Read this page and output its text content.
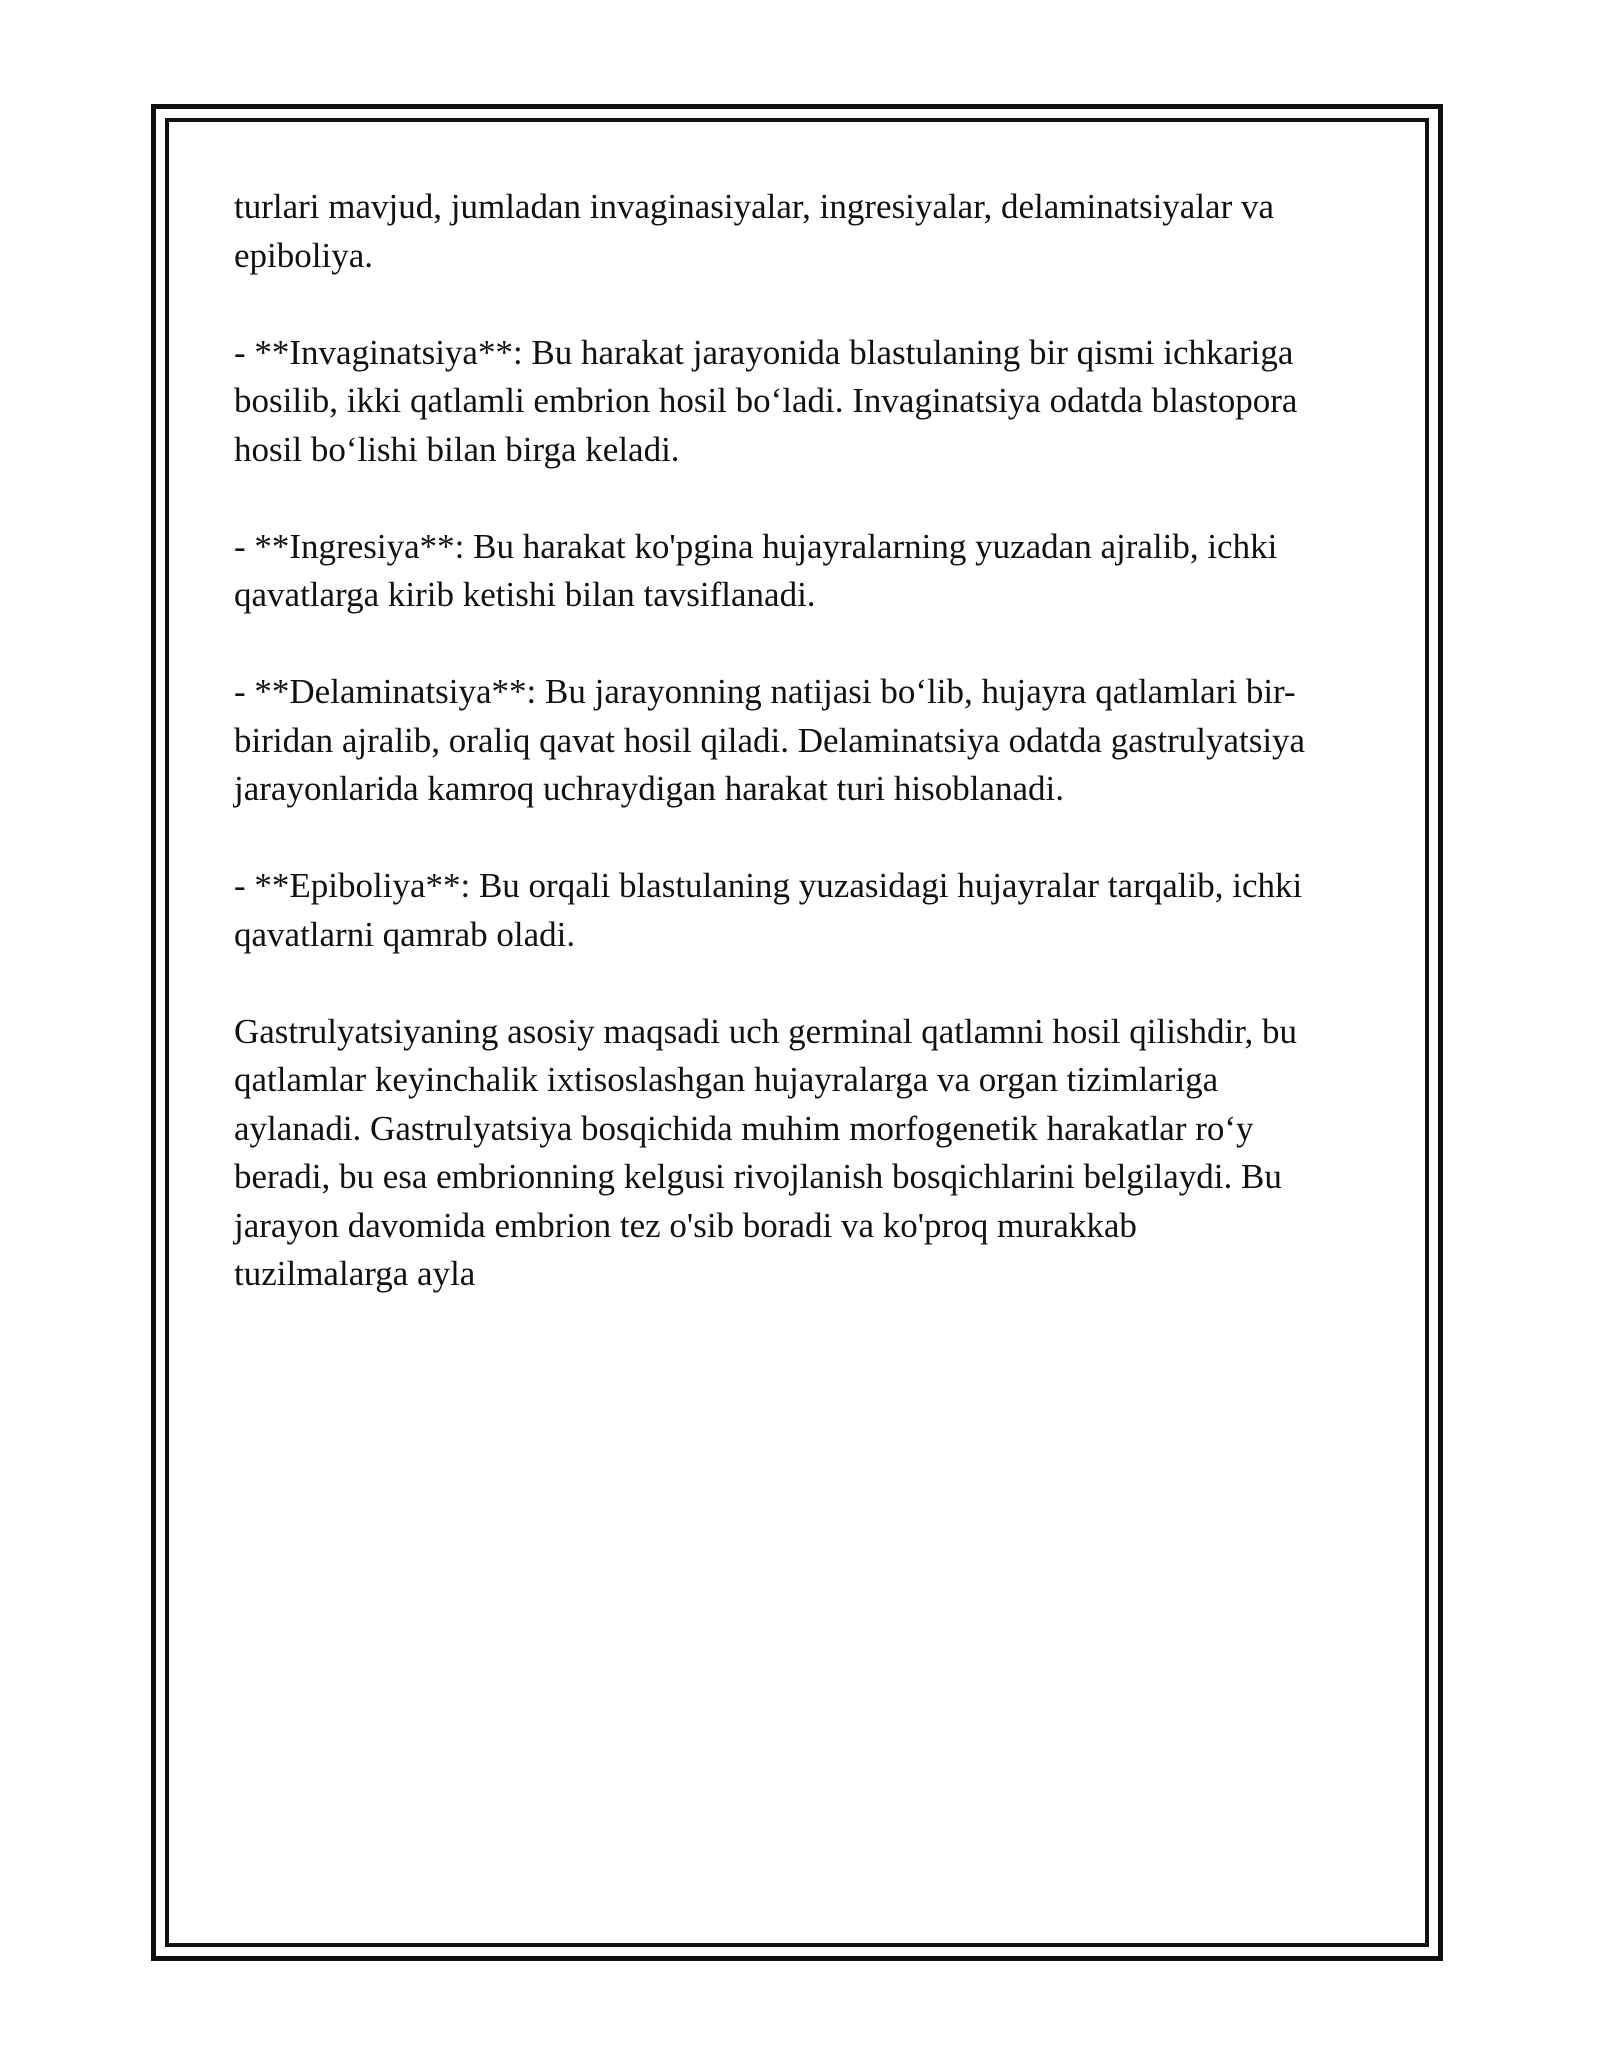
turlari mavjud, jumladan invaginasiyalar, ingresiyalar, delaminatsiyalar va
epiboliya.

- **Invaginatsiya**: Bu harakat jarayonida blastulaning bir qismi ichkariga
bosilib, ikki qatlamli embrion hosil bo‘ladi. Invaginatsiya odatda blastopora
hosil bo‘lishi bilan birga keladi.

- **Ingresiya**: Bu harakat ko'pgina hujayralarning yuzadan ajralib, ichki
qavatlarga kirib ketishi bilan tavsiflanadi.

- **Delaminatsiya**: Bu jarayonning natijasi bo‘lib, hujayra qatlamlari bir-
biridan ajralib, oraliq qavat hosil qiladi. Delaminatsiya odatda gastrulyatsiya
jarayonlarida kamroq uchraydigan harakat turi hisoblanadi.

- **Epiboliya**: Bu orqali blastulaning yuzasidagi hujayralar tarqalib, ichki
qavatlarni qamrab oladi.

Gastrulyatsiyaning asosiy maqsadi uch germinal qatlamni hosil qilishdir, bu
qatlamlar keyinchalik ixtisoslashgan hujayralarga va organ tizimlariga
aylanadi. Gastrulyatsiya bosqichida muhim morfogenetik harakatlar ro‘y
beradi, bu esa embrionning kelgusi rivojlanish bosqichlarini belgilaydi. Bu
jarayon davomida embrion tez o'sib boradi va ko'proq murakkab
tuzilmalarga ayla
